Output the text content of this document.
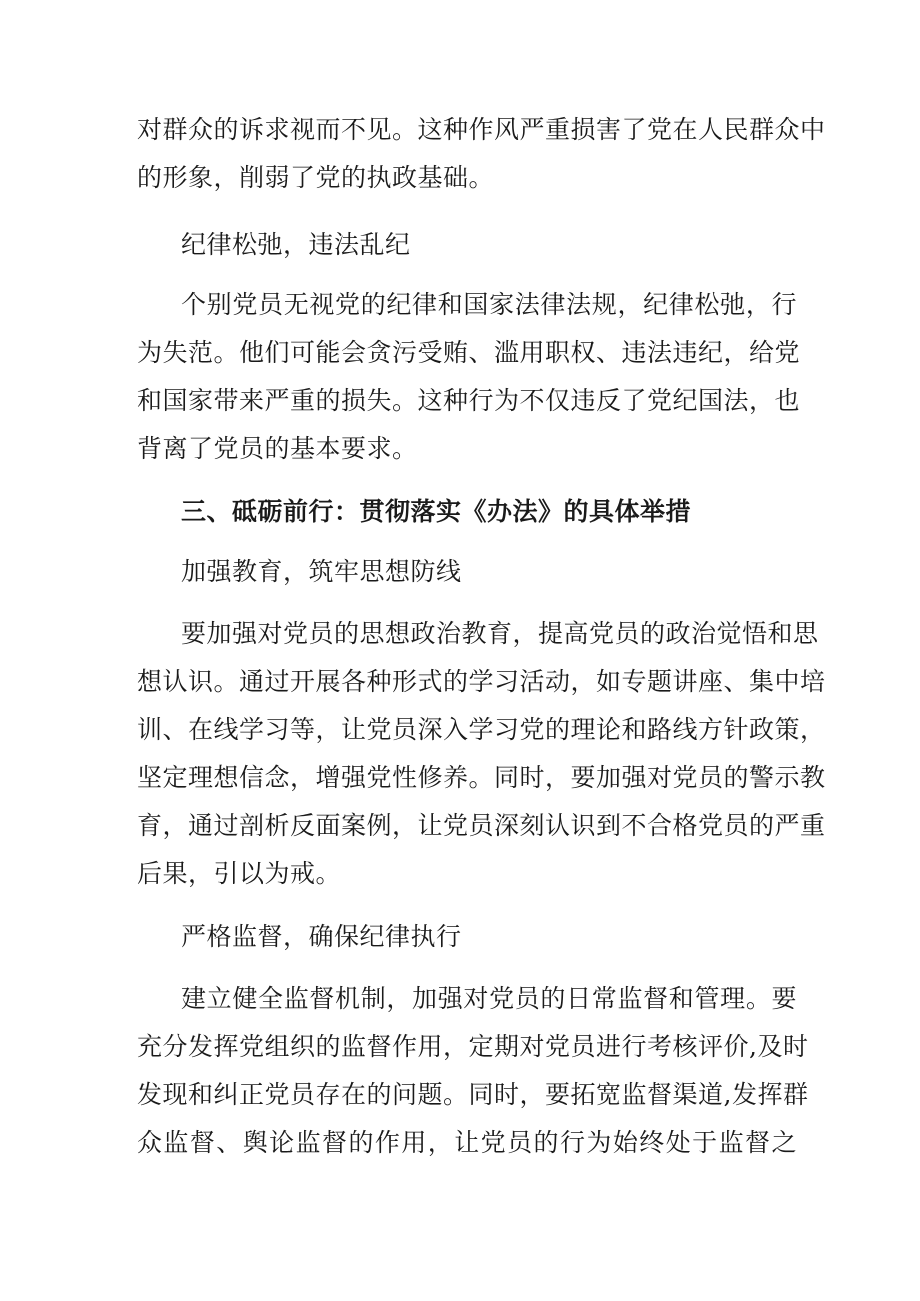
对群众的诉求视而不见。这种作风严重损害了党在人民群众中
的形象，削弱了党的执政基础。
纪律松弛，违法乱纪
个别党员无视党的纪律和国家法律法规，纪律松弛，行
为失范。他们可能会贪污受贿、滥用职权、违法违纪，给党
和国家带来严重的损失。这种行为不仅违反了党纪国法，也
背离了党员的基本要求。
三、砥砺前行：贯彻落实《办法》的具体举措
加强教育，筑牢思想防线
要加强对党员的思想政治教育，提高党员的政治觉悟和思
想认识。通过开展各种形式的学习活动，如专题讲座、集中培
训、在线学习等，让党员深入学习党的理论和路线方针政策，
坚定理想信念，增强党性修养。同时，要加强对党员的警示教
育，通过剖析反面案例，让党员深刻认识到不合格党员的严重
后果，引以为戒。
严格监督，确保纪律执行
建立健全监督机制，加强对党员的日常监督和管理。要
充分发挥党组织的监督作用，定期对党员进行考核评价,及时
发现和纠正党员存在的问题。同时，要拓宽监督渠道,发挥群
众监督、舆论监督的作用，让党员的行为始终处于监督之
